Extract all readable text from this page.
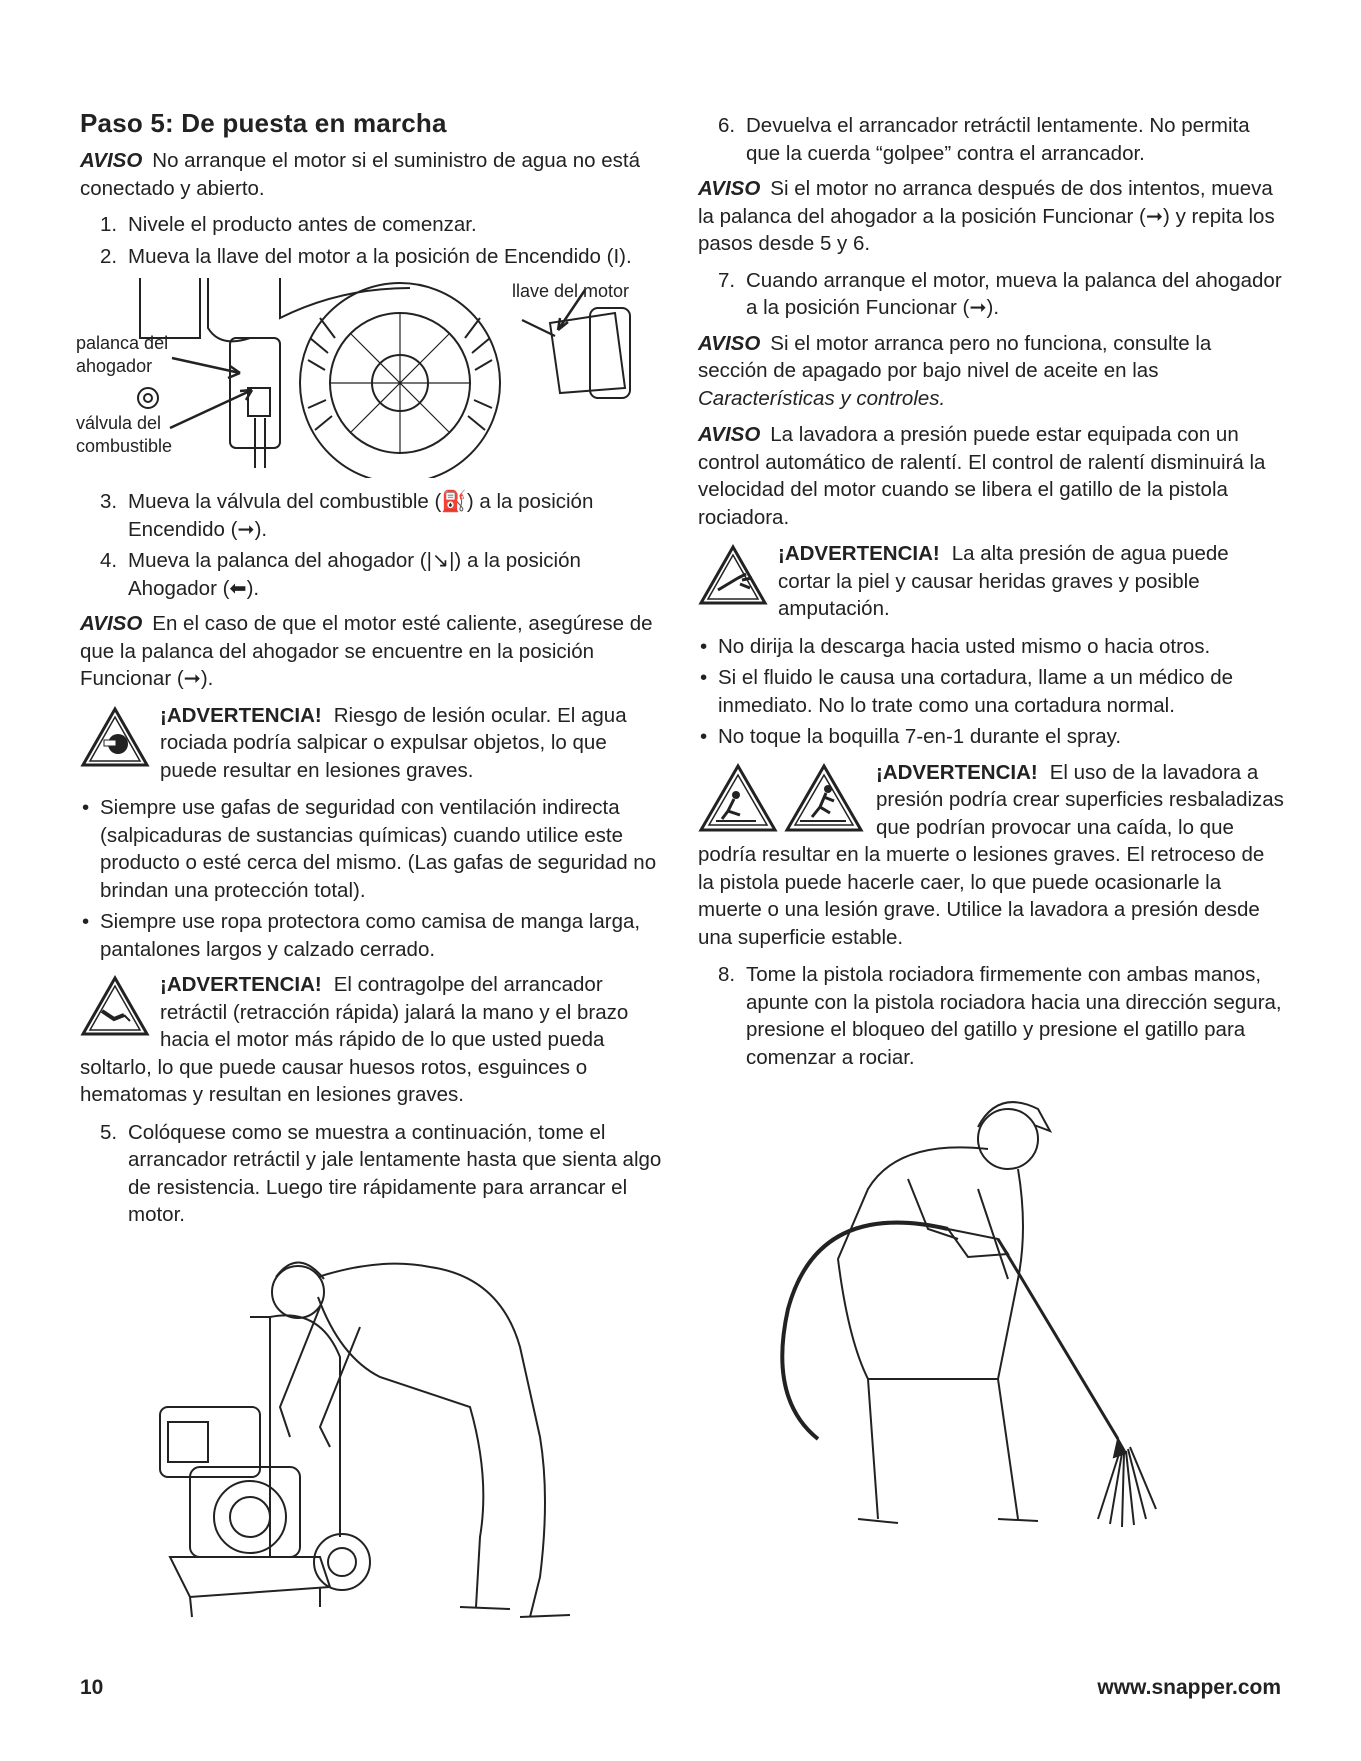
Paso 5: De puesta en marcha

AVISO No arranque el motor si el suministro de agua no está conectado y abierto.

1. Nivele el producto antes de comenzar.
2. Mueva la llave del motor a la posición de Encendido (I).
llave del motor
palanca del ahogador
válvula del combustible
3. Mueva la válvula del combustible (⛽) a la posición Encendido (➞).
4. Mueva la palanca del ahogador (|↘|) a la posición Ahogador (⬅).

AVISO En el caso de que el motor esté caliente, asegúrese de que la palanca del ahogador se encuentre en la posición Funcionar (➞).

¡ADVERTENCIA! Riesgo de lesión ocular. El agua rociada podría salpicar o expulsar objetos, lo que puede resultar en lesiones graves.

• Siempre use gafas de seguridad con ventilación indirecta (salpicaduras de sustancias químicas) cuando utilice este producto o esté cerca del mismo. (Las gafas de seguridad no brindan una protección total).
• Siempre use ropa protectora como camisa de manga larga, pantalones largos y calzado cerrado.

¡ADVERTENCIA! El contragolpe del arrancador retráctil (retracción rápida) jalará la mano y el brazo hacia el motor más rápido de lo que usted pueda soltarlo, lo que puede causar huesos rotos, esguinces o hematomas y resultan en lesiones graves.

5. Colóquese como se muestra a continuación, tome el arrancador retráctil y jale lentamente hasta que sienta algo de resistencia. Luego tire rápidamente para arrancar el motor.
6. Devuelva el arrancador retráctil lentamente. No permita que la cuerda “golpee” contra el arrancador.

AVISO Si el motor no arranca después de dos intentos, mueva la palanca del ahogador a la posición Funcionar (➞) y repita los pasos desde 5 y 6.

7. Cuando arranque el motor, mueva la palanca del ahogador a la posición Funcionar (➞).

AVISO Si el motor arranca pero no funciona, consulte la sección de apagado por bajo nivel de aceite en las Características y controles.

AVISO La lavadora a presión puede estar equipada con un control automático de ralentí. El control de ralentí disminuirá la velocidad del motor cuando se libera el gatillo de la pistola rociadora.

¡ADVERTENCIA! La alta presión de agua puede cortar la piel y causar heridas graves y posible amputación.

• No dirija la descarga hacia usted mismo o hacia otros.
• Si el fluido le causa una cortadura, llame a un médico de inmediato. No lo trate como una cortadura normal.
• No toque la boquilla 7-en-1 durante el spray.

¡ADVERTENCIA! El uso de la lavadora a presión podría crear superficies resbaladizas que podrían provocar una caída, lo que podría resultar en la muerte o lesiones graves. El retroceso de la pistola puede hacerle caer, lo que puede ocasionarle la muerte o una lesión grave. Utilice la lavadora a presión desde una superficie estable.

8. Tome la pistola rociadora firmemente con ambas manos, apunte con la pistola rociadora hacia una dirección segura, presione el bloqueo del gatillo y presione el gatillo para comenzar a rociar.
10	www.snapper.com
